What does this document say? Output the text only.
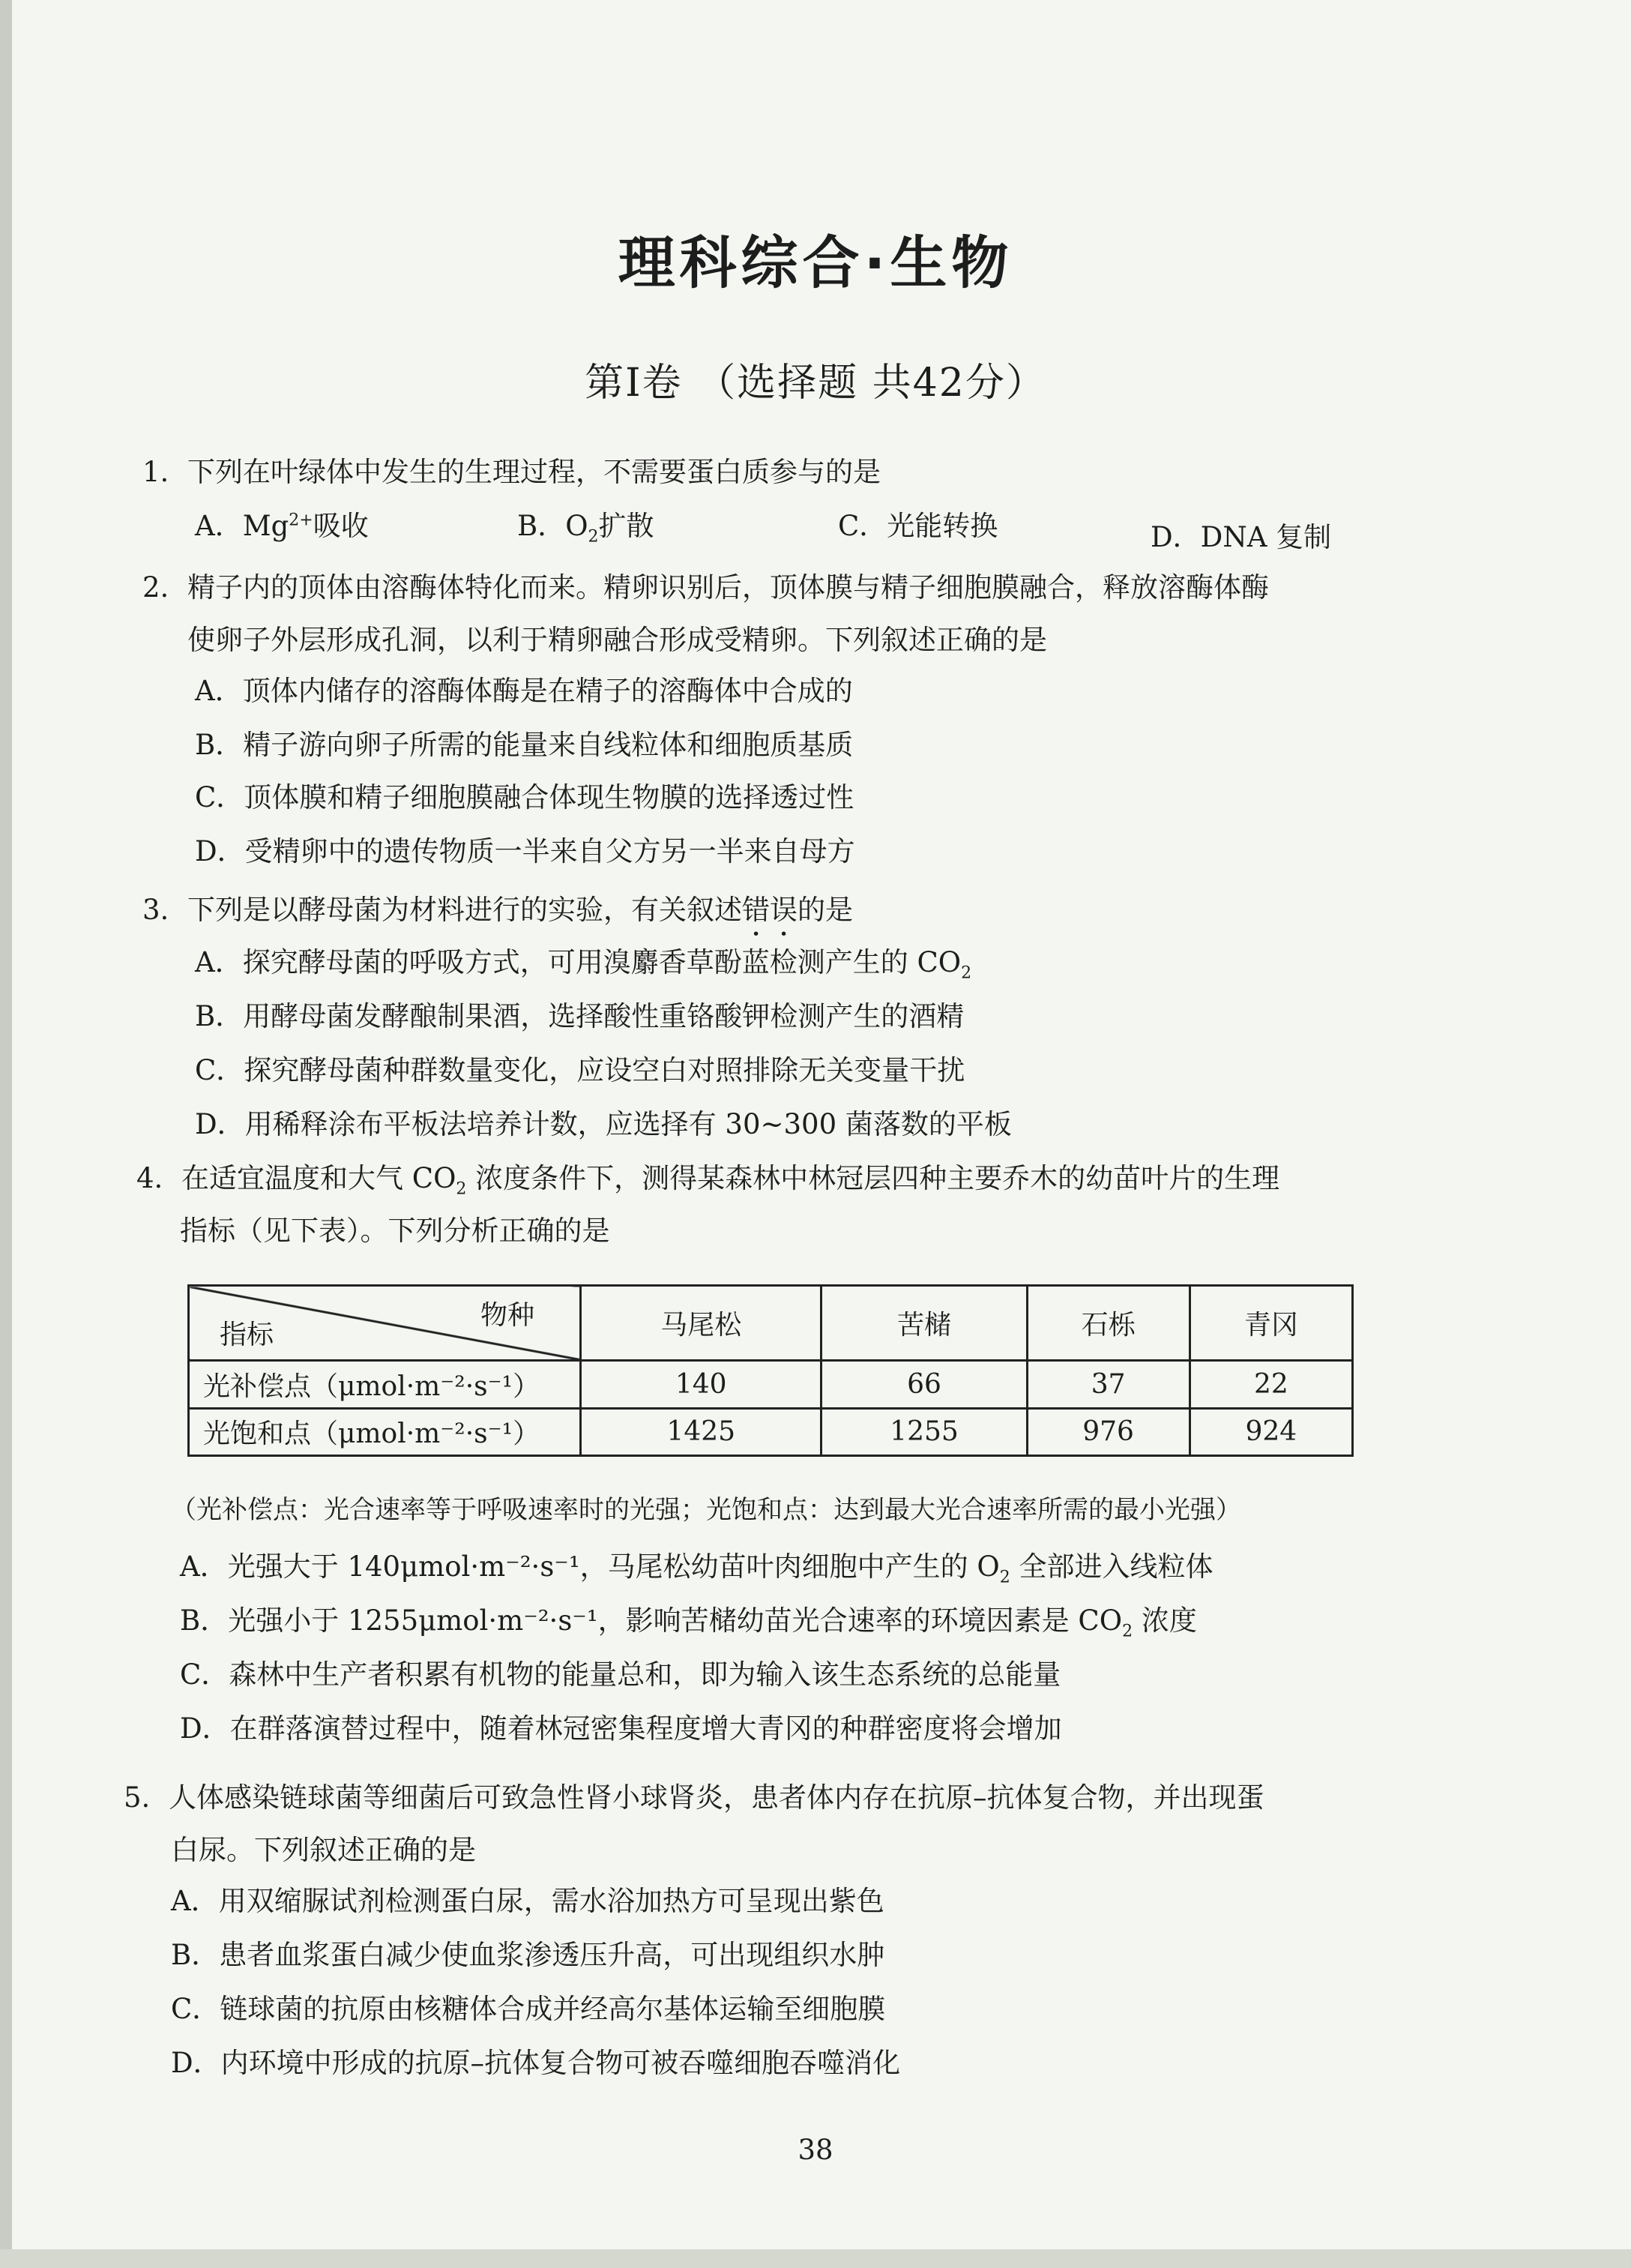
理科综合·生物
第Ⅰ卷 （选择题 共42分）
1. 下列在叶绿体中发生的生理过程，不需要蛋白质参与的是
A．$Mg^{2+}$吸收	B．$O_2$扩散	C．光能转换	D．DNA 复制
2. 精子内的顶体由溶酶体特化而来。精卵识别后，顶体膜与精子细胞膜融合，释放溶酶体酶
使卵子外层形成孔洞，以利于精卵融合形成受精卵。下列叙述正确的是
A．顶体内储存的溶酶体酶是在精子的溶酶体中合成的
B．精子游向卵子所需的能量来自线粒体和细胞质基质
C．顶体膜和精子细胞膜融合体现生物膜的选择透过性
D．受精卵中的遗传物质一半来自父方另一半来自母方
3. 下列是以酵母菌为材料进行的实验，有关叙述错误的是
A．探究酵母菌的呼吸方式，可用溴麝香草酚蓝检测产生的 $CO_2$
B．用酵母菌发酵酿制果酒，选择酸性重铬酸钾检测产生的酒精
C．探究酵母菌种群数量变化，应设空白对照排除无关变量干扰
D．用稀释涂布平板法培养计数，应选择有 30~300 菌落数的平板
4. 在适宜温度和大气 $CO_2$ 浓度条件下，测得某森林中林冠层四种主要乔木的幼苗叶片的生理
指标（见下表）。下列分析正确的是
物种
指标	马尾松	苦槠	石栎	青冈
光补偿点（μmol·m⁻²·s⁻¹）	140	66	37	22
光饱和点（μmol·m⁻²·s⁻¹）	1425	1255	976	924
（光补偿点：光合速率等于呼吸速率时的光强；光饱和点：达到最大光合速率所需的最小光强）
A．光强大于 140μmol·m⁻²·s⁻¹，马尾松幼苗叶肉细胞中产生的 $O_2$ 全部进入线粒体
B．光强小于 1255μmol·m⁻²·s⁻¹，影响苦槠幼苗光合速率的环境因素是 $CO_2$ 浓度
C．森林中生产者积累有机物的能量总和，即为输入该生态系统的总能量
D．在群落演替过程中，随着林冠密集程度增大青冈的种群密度将会增加
5. 人体感染链球菌等细菌后可致急性肾小球肾炎，患者体内存在抗原–抗体复合物，并出现蛋
白尿。下列叙述正确的是
A．用双缩脲试剂检测蛋白尿，需水浴加热方可呈现出紫色
B．患者血浆蛋白减少使血浆渗透压升高，可出现组织水肿
C．链球菌的抗原由核糖体合成并经高尔基体运输至细胞膜
D．内环境中形成的抗原–抗体复合物可被吞噬细胞吞噬消化
38
